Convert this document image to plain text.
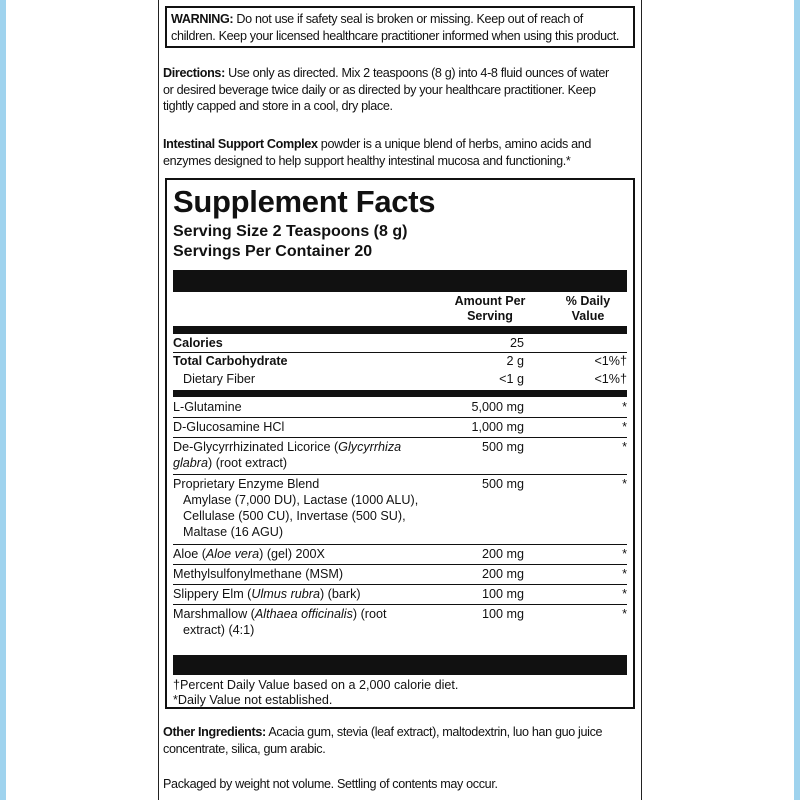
WARNING: Do not use if safety seal is broken or missing. Keep out of reach of
children. Keep your licensed healthcare practitioner informed when using this product.
Directions: Use only as directed. Mix 2 teaspoons (8 g) into 4-8 fluid ounces of water
or desired beverage twice daily or as directed by your healthcare practitioner. Keep
tightly capped and store in a cool, dry place.
Intestinal Support Complex powder is a unique blend of herbs, amino acids and
enzymes designed to help support healthy intestinal mucosa and functioning.*
Supplement Facts
Serving Size 2 Teaspoons (8 g)
Servings Per Container 20
Amount Per
Serving
% Daily
Value
Calories	25
Total Carbohydrate	2 g	<1%†
Dietary Fiber	<1 g	<1%†
L-Glutamine	5,000 mg	*
D-Glucosamine HCl	1,000 mg	*
De-Glycyrrhizinated Licorice (Glycyrrhiza
glabra) (root extract)
500 mg	*
Proprietary Enzyme Blend
Amylase (7,000 DU), Lactase (1000 ALU),
Cellulase (500 CU), Invertase (500 SU),
Maltase (16 AGU)
500 mg	*
Aloe (Aloe vera) (gel) 200X	200 mg	*
Methylsulfonylmethane (MSM)	200 mg	*
Slippery Elm (Ulmus rubra) (bark)	100 mg	*
Marshmallow (Althaea officinalis) (root
extract) (4:1)
100 mg	*
†Percent Daily Value based on a 2,000 calorie diet.
*Daily Value not established.
Other Ingredients: Acacia gum, stevia (leaf extract), maltodextrin, luo han guo juice
concentrate, silica, gum arabic.
Packaged by weight not volume. Settling of contents may occur.
